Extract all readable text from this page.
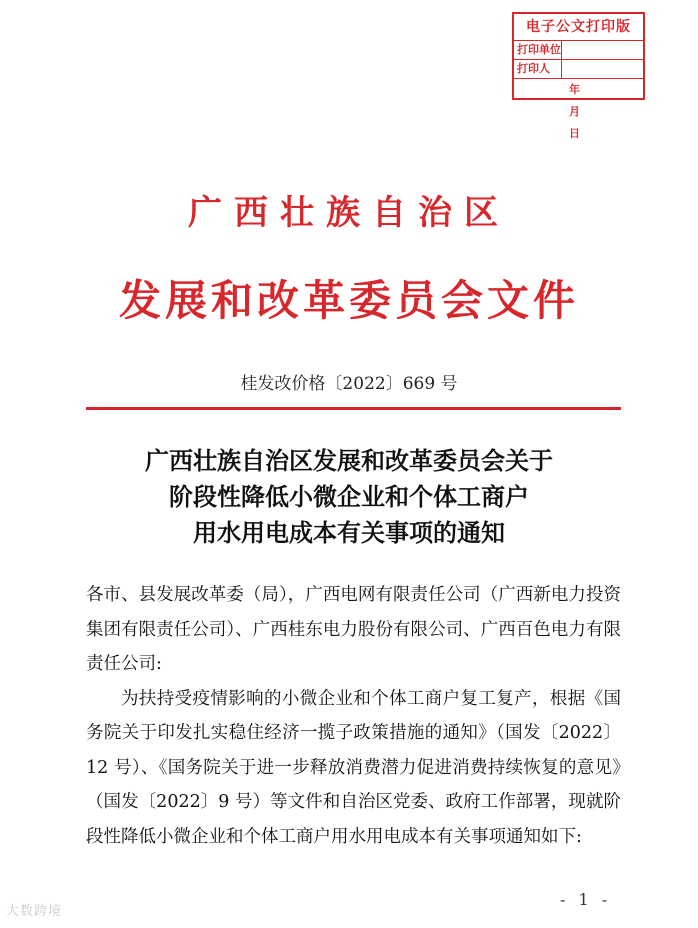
电子公文打印版
打印单位
打印人
年 月 日
广西壮族自治区
发展和改革委员会文件
桂发改价格〔2022〕669 号
广西壮族自治区发展和改革委员会关于
阶段性降低小微企业和个体工商户
用水用电成本有关事项的通知

各市、县发展改革委（局），广西电网有限责任公司（广西新电力投资集团有限责任公司）、广西桂东电力股份有限公司、广西百色电力有限责任公司:

为扶持受疫情影响的小微企业和个体工商户复工复产，根据《国务院关于印发扎实稳住经济一揽子政策措施的通知》（国发〔2022〕12 号）、《国务院关于进一步释放消费潜力促进消费持续恢复的意见》（国发〔2022〕9 号）等文件和自治区党委、政府工作部署，现就阶段性降低小微企业和个体工商户用水用电成本有关事项通知如下:

- 1 -
大数跨境
